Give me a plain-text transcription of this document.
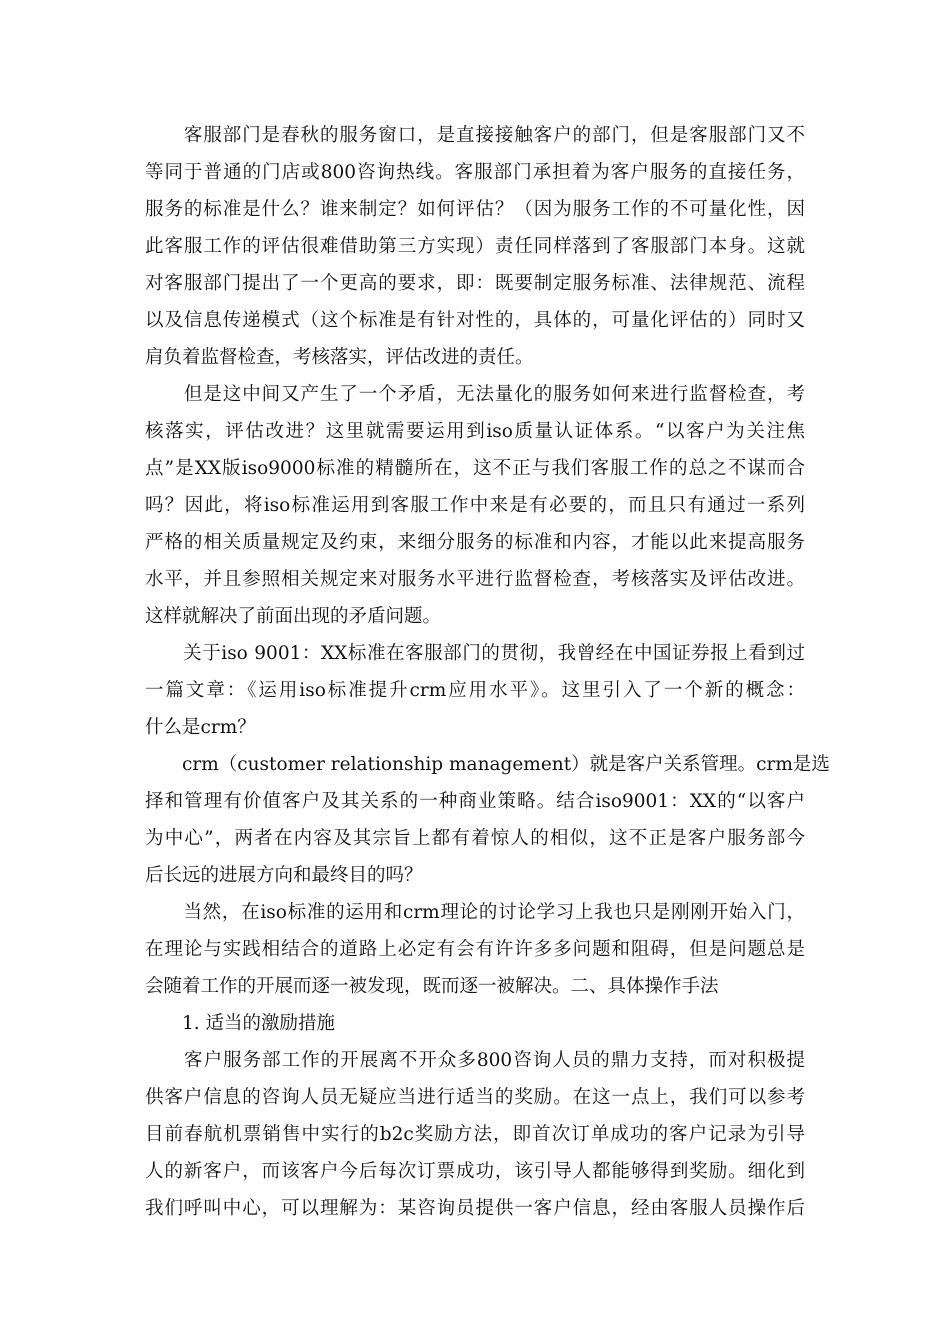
　　客服部门是春秋的服务窗口，是直接接触客户的部门，但是客服部门又不
等同于普通的门店或800咨询热线。客服部门承担着为客户服务的直接任务，
服务的标准是什么？谁来制定？如何评估？（因为服务工作的不可量化性，因
此客服工作的评估很难借助第三方实现）责任同样落到了客服部门本身。这就
对客服部门提出了一个更高的要求，即：既要制定服务标准、法律规范、流程
以及信息传递模式（这个标准是有针对性的，具体的，可量化评估的）同时又
肩负着监督检查，考核落实，评估改进的责任。
　　但是这中间又产生了一个矛盾，无法量化的服务如何来进行监督检查，考
核落实，评估改进？这里就需要运用到iso质量认证体系。“以客户为关注焦
点”是XX版iso9000标准的精髓所在，这不正与我们客服工作的总之不谋而合
吗？因此，将iso标准运用到客服工作中来是有必要的，而且只有通过一系列
严格的相关质量规定及约束，来细分服务的标准和内容，才能以此来提高服务
水平，并且参照相关规定来对服务水平进行监督检查，考核落实及评估改进。
这样就解决了前面出现的矛盾问题。
　　关于iso 9001：XX标准在客服部门的贯彻，我曾经在中国证券报上看到过
一篇文章：《运用iso标准提升crm应用水平》。这里引入了一个新的概念：
什么是crm？
　　crm（customer relationship management）就是客户关系管理。crm是选
择和管理有价值客户及其关系的一种商业策略。结合iso9001：XX的“以客户
为中心”，两者在内容及其宗旨上都有着惊人的相似，这不正是客户服务部今
后长远的进展方向和最终目的吗？
　　当然，在iso标准的运用和crm理论的讨论学习上我也只是刚刚开始入门，
在理论与实践相结合的道路上必定有会有许许多多问题和阻碍，但是问题总是
会随着工作的开展而逐一被发现，既而逐一被解决。二、具体操作手法
　　1. 适当的激励措施
　　客户服务部工作的开展离不开众多800咨询人员的鼎力支持，而对积极提
供客户信息的咨询人员无疑应当进行适当的奖励。在这一点上，我们可以参考
目前春航机票销售中实行的b2c奖励方法，即首次订单成功的客户记录为引导
人的新客户，而该客户今后每次订票成功，该引导人都能够得到奖励。细化到
我们呼叫中心，可以理解为：某咨询员提供一客户信息，经由客服人员操作后
